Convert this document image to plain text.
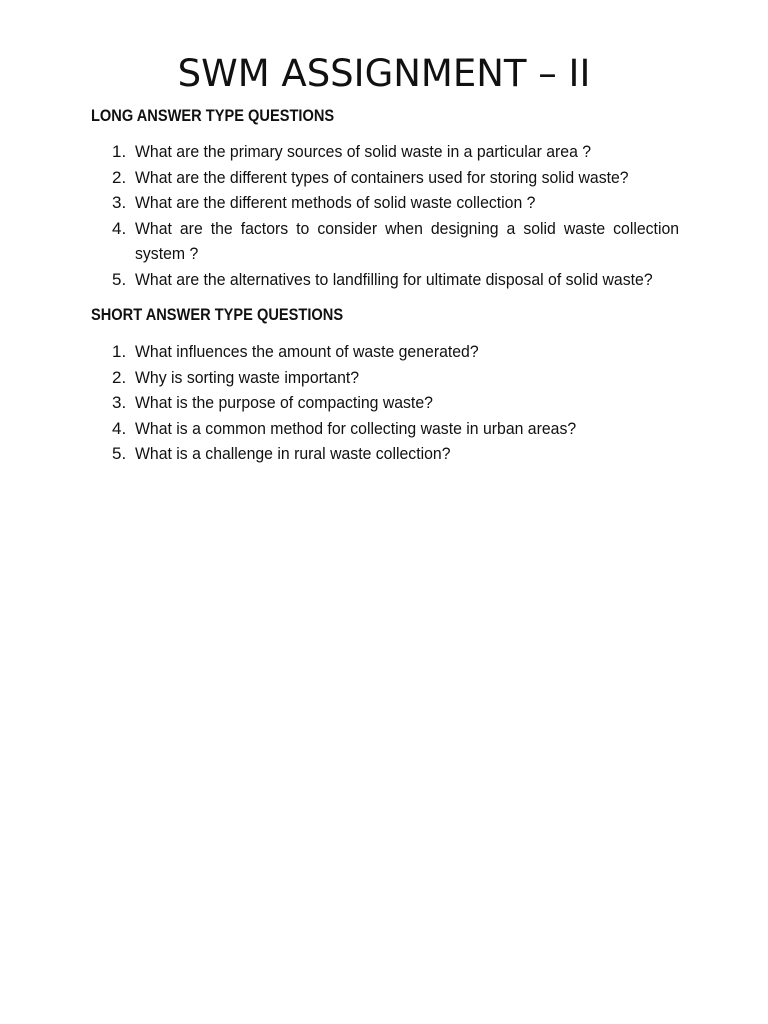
SWM ASSIGNMENT – II
LONG ANSWER TYPE QUESTIONS
1. What are the primary sources of solid waste in a particular area ?
2. What are the different types of containers used for storing solid waste?
3. What are the different methods of solid waste collection ?
4. What are the factors to consider when designing a solid waste collection system ?
5. What are the alternatives to landfilling for ultimate disposal of solid waste?
SHORT ANSWER TYPE QUESTIONS
1. What influences the amount of waste generated?
2. Why is sorting waste important?
3. What is the purpose of compacting waste?
4. What is a common method for collecting waste in urban areas?
5. What is a challenge in rural waste collection?
